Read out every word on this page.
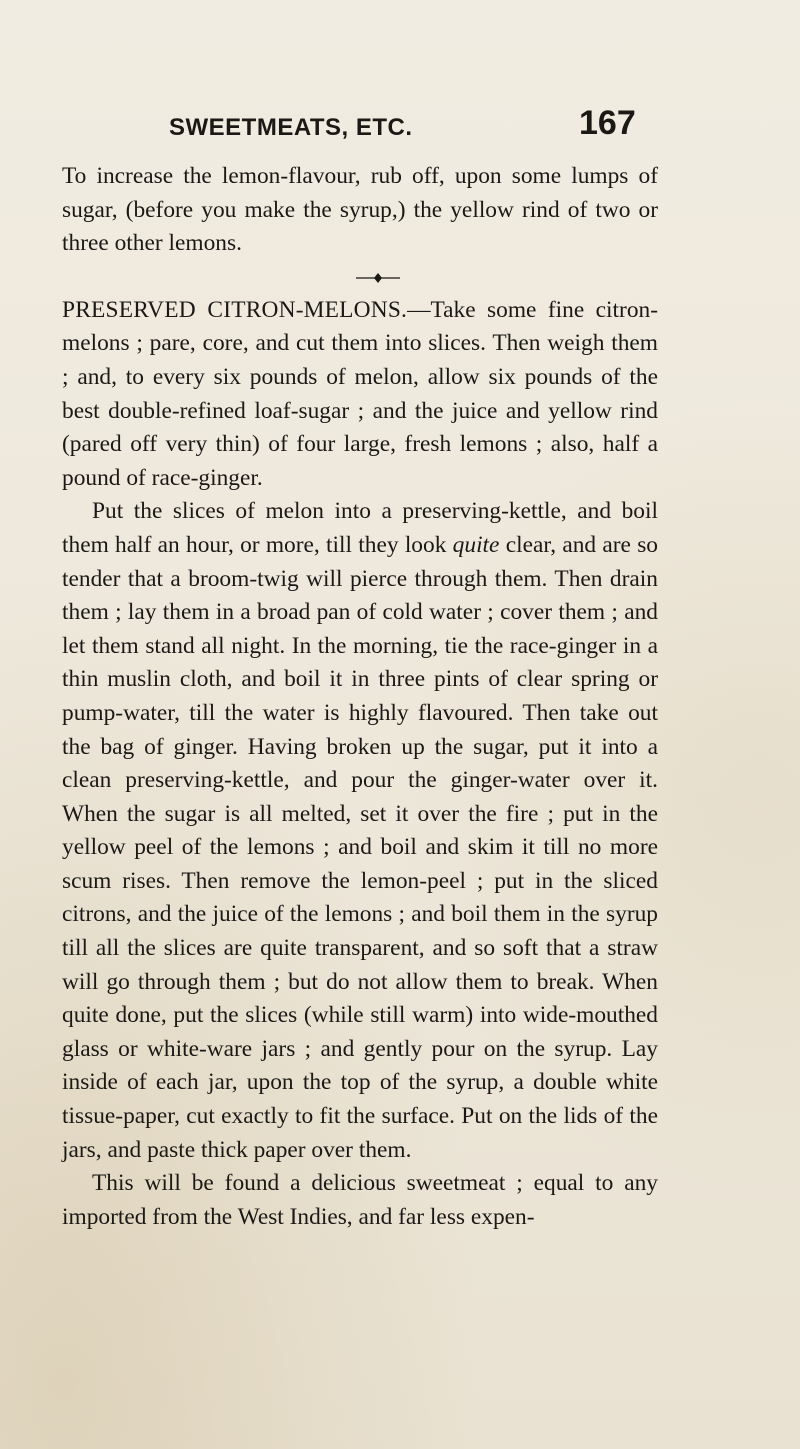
SWEETMEATS, ETC.	167

To increase the lemon-flavour, rub off, upon some lumps of sugar, (before you make the syrup,) the yellow rind of two or three other lemons.

PRESERVED CITRON-MELONS.—Take some fine citron-melons ; pare, core, and cut them into slices. Then weigh them ; and, to every six pounds of melon, allow six pounds of the best double-refined loaf-sugar ; and the juice and yellow rind (pared off very thin) of four large, fresh lemons ; also, half a pound of race-ginger.

Put the slices of melon into a preserving-kettle, and boil them half an hour, or more, till they look quite clear, and are so tender that a broom-twig will pierce through them. Then drain them ; lay them in a broad pan of cold water ; cover them ; and let them stand all night. In the morning, tie the race-ginger in a thin muslin cloth, and boil it in three pints of clear spring or pump-water, till the water is highly flavoured. Then take out the bag of ginger. Having broken up the sugar, put it into a clean preserving-kettle, and pour the ginger-water over it. When the sugar is all melted, set it over the fire ; put in the yellow peel of the lemons ; and boil and skim it till no more scum rises. Then remove the lemon-peel ; put in the sliced citrons, and the juice of the lemons ; and boil them in the syrup till all the slices are quite transparent, and so soft that a straw will go through them ; but do not allow them to break. When quite done, put the slices (while still warm) into wide-mouthed glass or white-ware jars ; and gently pour on the syrup. Lay inside of each jar, upon the top of the syrup, a double white tissue-paper, cut exactly to fit the surface. Put on the lids of the jars, and paste thick paper over them.

This will be found a delicious sweetmeat ; equal to any imported from the West Indies, and far less expen-
